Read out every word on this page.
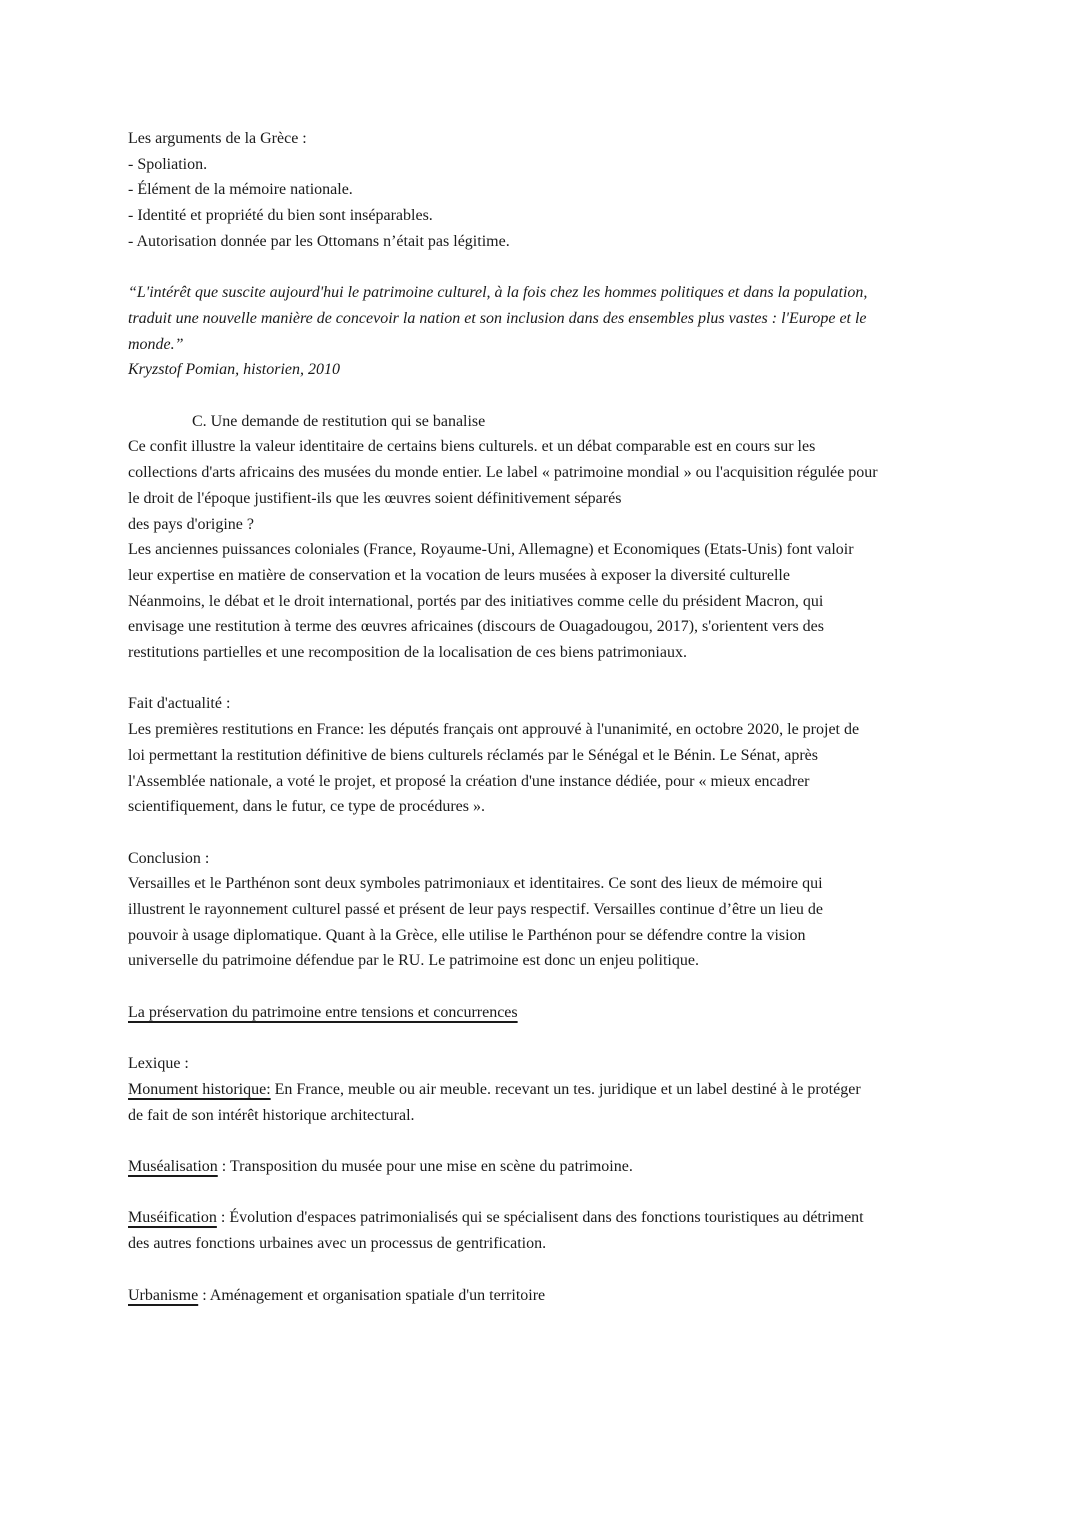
Les arguments de la Grèce :
- Spoliation.
- Élément de la mémoire nationale.
- Identité et propriété du bien sont inséparables.
- Autorisation donnée par les Ottomans n’était pas légitime.
“L'intérêt que suscite aujourd'hui le patrimoine culturel, à la fois chez les hommes politiques et dans la population,
traduit une nouvelle manière de concevoir la nation et son inclusion dans des ensembles plus vastes : l'Europe et le
monde.”
Kryzstof Pomian, historien, 2010
C. Une demande de restitution qui se banalise
Ce confit illustre la valeur identitaire de certains biens culturels. et un débat comparable est en cours sur les
collections d'arts africains des musées du monde entier. Le label « patrimoine mondial » ou l'acquisition régulée pour
le droit de l'époque justifient-ils que les œuvres soient définitivement séparés
des pays d'origine ?
Les anciennes puissances coloniales (France, Royaume-Uni, Allemagne) et Economiques (Etats-Unis) font valoir
leur expertise en matière de conservation et la vocation de leurs musées à exposer la diversité culturelle
Néanmoins, le débat et le droit international, portés par des initiatives comme celle du président Macron, qui
envisage une restitution à terme des œuvres africaines (discours de Ouagadougou, 2017), s'orientent vers des
restitutions partielles et une recomposition de la localisation de ces biens patrimoniaux.
Fait d'actualité :
Les premières restitutions en France: les députés français ont approuvé à l'unanimité, en octobre 2020, le projet de
loi permettant la restitution définitive de biens culturels réclamés par le Sénégal et le Bénin. Le Sénat, après
l'Assemblée nationale, a voté le projet, et proposé la création d'une instance dédiée, pour « mieux encadrer
scientifiquement, dans le futur, ce type de procédures ».
Conclusion :
Versailles et le Parthénon sont deux symboles patrimoniaux et identitaires. Ce sont des lieux de mémoire qui
illustrent le rayonnement culturel passé et présent de leur pays respectif. Versailles continue d’être un lieu de
pouvoir à usage diplomatique. Quant à la Grèce, elle utilise le Parthénon pour se défendre contre la vision
universelle du patrimoine défendue par le RU. Le patrimoine est donc un enjeu politique.
La préservation du patrimoine entre tensions et concurrences
Lexique :
Monument historique: En France, meuble ou air meuble. recevant un tes. juridique et un label destiné à le protéger
de fait de son intérêt historique architectural.
Muséalisation : Transposition du musée pour une mise en scène du patrimoine.
Muséification : Évolution d'espaces patrimonialisés qui se spécialisent dans des fonctions touristiques au détriment
des autres fonctions urbaines avec un processus de gentrification.
Urbanisme : Aménagement et organisation spatiale d'un territoire
